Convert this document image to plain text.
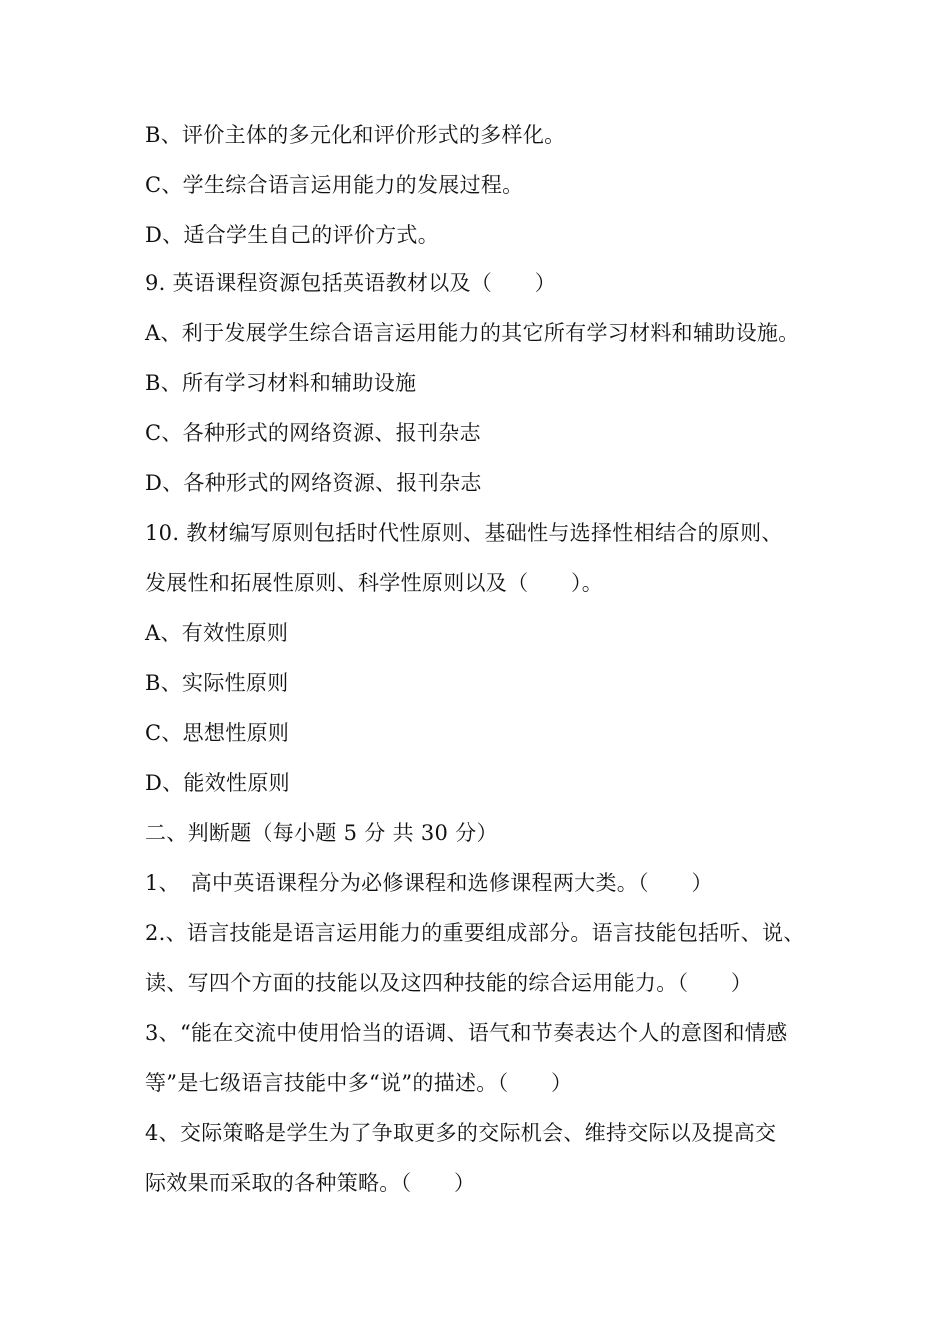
B、评价主体的多元化和评价形式的多样化。
C、学生综合语言运用能力的发展过程。
D、适合学生自己的评价方式。
9. 英语课程资源包括英语教材以及（　　）
A、利于发展学生综合语言运用能力的其它所有学习材料和辅助设施。
B、所有学习材料和辅助设施
C、各种形式的网络资源、报刊杂志
D、各种形式的网络资源、报刊杂志
10. 教材编写原则包括时代性原则、基础性与选择性相结合的原则、
发展性和拓展性原则、科学性原则以及（　　）。
A、有效性原则
B、实际性原则
C、思想性原则
D、能效性原则
二、判断题（每小题 5 分 共 30 分）
1、　高中英语课程分为必修课程和选修课程两大类。（　　）
2.、语言技能是语言运用能力的重要组成部分。语言技能包括听、说、
读、写四个方面的技能以及这四种技能的综合运用能力。（　　）
3、“能在交流中使用恰当的语调、语气和节奏表达个人的意图和情感
等”是七级语言技能中多“说”的描述。（　　）
4、交际策略是学生为了争取更多的交际机会、维持交际以及提高交
际效果而采取的各种策略。（　　）
